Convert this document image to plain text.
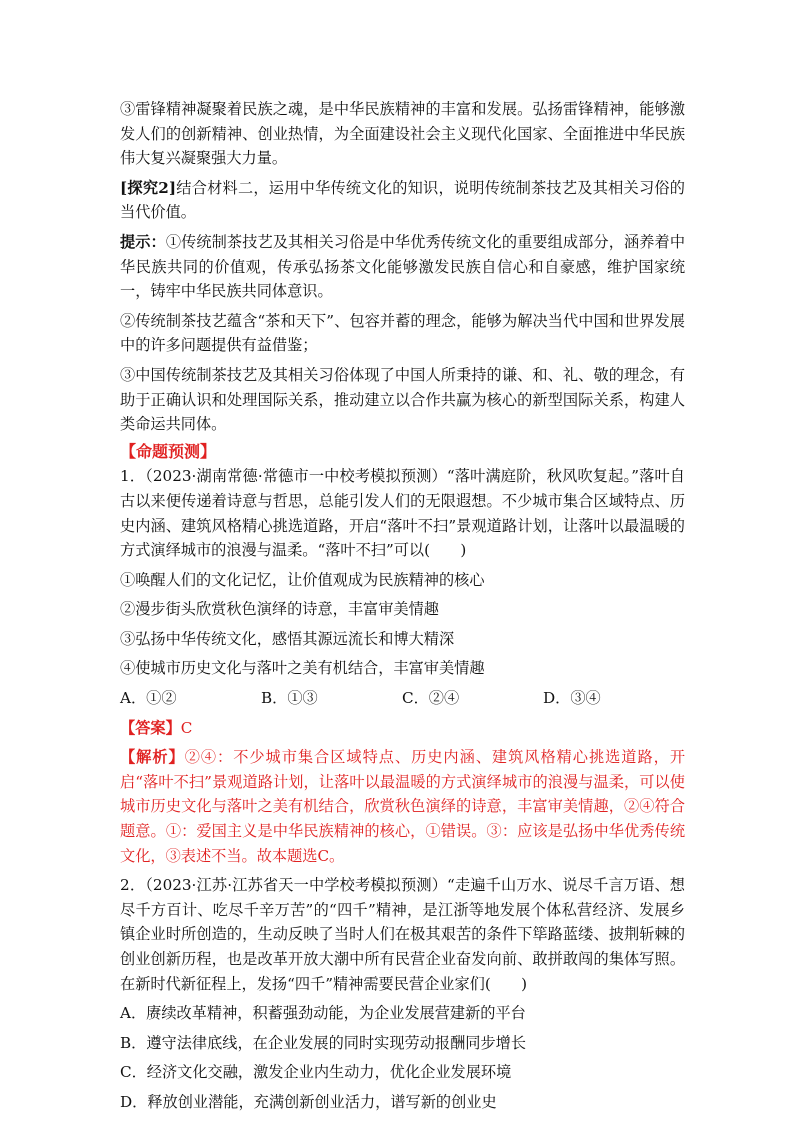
③雷锋精神凝聚着民族之魂，是中华民族精神的丰富和发展。弘扬雷锋精神，能够激发人们的创新精神、创业热情，为全面建设社会主义现代化国家、全面推进中华民族伟大复兴凝聚强大力量。

[探究2]结合材料二，运用中华传统文化的知识，说明传统制茶技艺及其相关习俗的当代价值。

提示：①传统制茶技艺及其相关习俗是中华优秀传统文化的重要组成部分，涵养着中华民族共同的价值观，传承弘扬茶文化能够激发民族自信心和自豪感，维护国家统一，铸牢中华民族共同体意识。

②传统制茶技艺蕴含“茶和天下”、包容并蓄的理念，能够为解决当代中国和世界发展中的许多问题提供有益借鉴；

③中国传统制茶技艺及其相关习俗体现了中国人所秉持的谦、和、礼、敬的理念，有助于正确认识和处理国际关系，推动建立以合作共赢为核心的新型国际关系，构建人类命运共同体。

【命题预测】

1．（2023·湖南常德·常德市一中校考模拟预测）“落叶满庭阶，秋风吹复起。”落叶自古以来便传递着诗意与哲思，总能引发人们的无限遐想。不少城市集合区域特点、历史内涵、建筑风格精心挑选道路，开启“落叶不扫”景观道路计划，让落叶以最温暖的方式演绎城市的浪漫与温柔。“落叶不扫”可以(　　)

①唤醒人们的文化记忆，让价值观成为民族精神的核心

②漫步街头欣赏秋色演绎的诗意，丰富审美情趣

③弘扬中华传统文化，感悟其源远流长和博大精深

④使城市历史文化与落叶之美有机结合，丰富审美情趣

A．①②	B．①③	C．②④	D．③④

【答案】C

【解析】②④：不少城市集合区域特点、历史内涵、建筑风格精心挑选道路，开启“落叶不扫”景观道路计划，让落叶以最温暖的方式演绎城市的浪漫与温柔，可以使城市历史文化与落叶之美有机结合，欣赏秋色演绎的诗意，丰富审美情趣，②④符合题意。①：爱国主义是中华民族精神的核心，①错误。③：应该是弘扬中华优秀传统文化，③表述不当。故本题选C。

2．（2023·江苏·江苏省天一中学校考模拟预测）“走遍千山万水、说尽千言万语、想尽千方百计、吃尽千辛万苦”的“四千”精神，是江浙等地发展个体私营经济、发展乡镇企业时所创造的，生动反映了当时人们在极其艰苦的条件下筚路蓝缕、披荆斩棘的创业创新历程，也是改革开放大潮中所有民营企业奋发向前、敢拼敢闯的集体写照。在新时代新征程上，发扬“四千”精神需要民营企业家们(　　)

A．赓续改革精神，积蓄强劲动能，为企业发展营建新的平台

B．遵守法律底线，在企业发展的同时实现劳动报酬同步增长

C．经济文化交融，激发企业内生动力，优化企业发展环境

D．释放创业潜能，充满创新创业活力，谱写新的创业史
